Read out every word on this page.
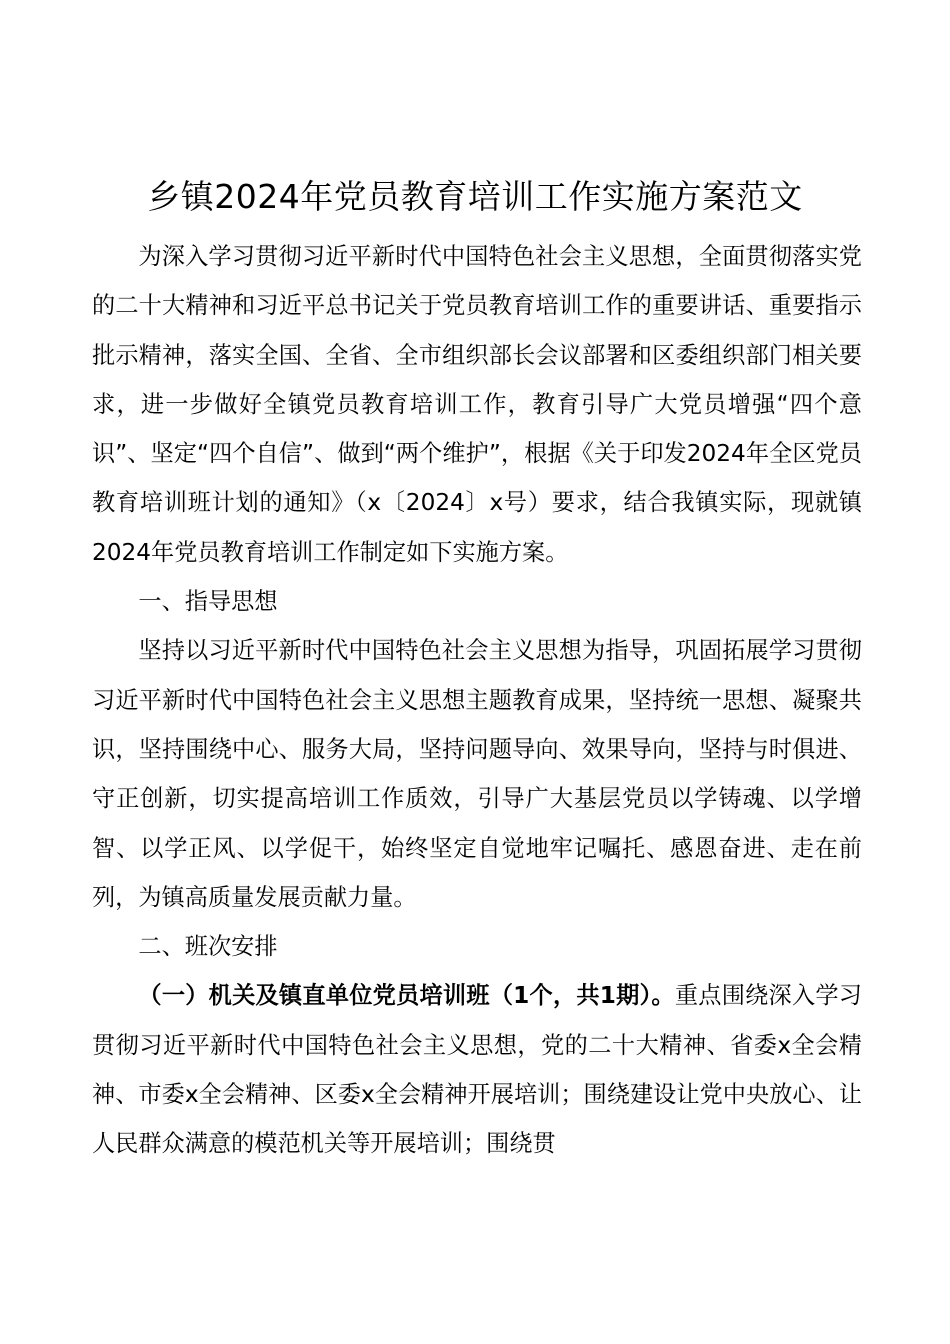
乡镇2024年党员教育培训工作实施方案范文

为深入学习贯彻习近平新时代中国特色社会主义思想，全面贯彻落实党的二十大精神和习近平总书记关于党员教育培训工作的重要讲话、重要指示批示精神，落实全国、全省、全市组织部长会议部署和区委组织部门相关要求，进一步做好全镇党员教育培训工作，教育引导广大党员增强“四个意识”、坚定“四个自信”、做到“两个维护”，根据《关于印发2024年全区党员教育培训班计划的通知》（x〔2024〕x号）要求，结合我镇实际，现就镇2024年党员教育培训工作制定如下实施方案。

一、指导思想

坚持以习近平新时代中国特色社会主义思想为指导，巩固拓展学习贯彻习近平新时代中国特色社会主义思想主题教育成果，坚持统一思想、凝聚共识，坚持围绕中心、服务大局，坚持问题导向、效果导向，坚持与时俱进、守正创新，切实提高培训工作质效，引导广大基层党员以学铸魂、以学增智、以学正风、以学促干，始终坚定自觉地牢记嘱托、感恩奋进、走在前列，为镇高质量发展贡献力量。

二、班次安排

（一）机关及镇直单位党员培训班（1个，共1期）。重点围绕深入学习贯彻习近平新时代中国特色社会主义思想，党的二十大精神、省委x全会精神、市委x全会精神、区委x全会精神开展培训；围绕建设让党中央放心、让人民群众满意的模范机关等开展培训；围绕贯
